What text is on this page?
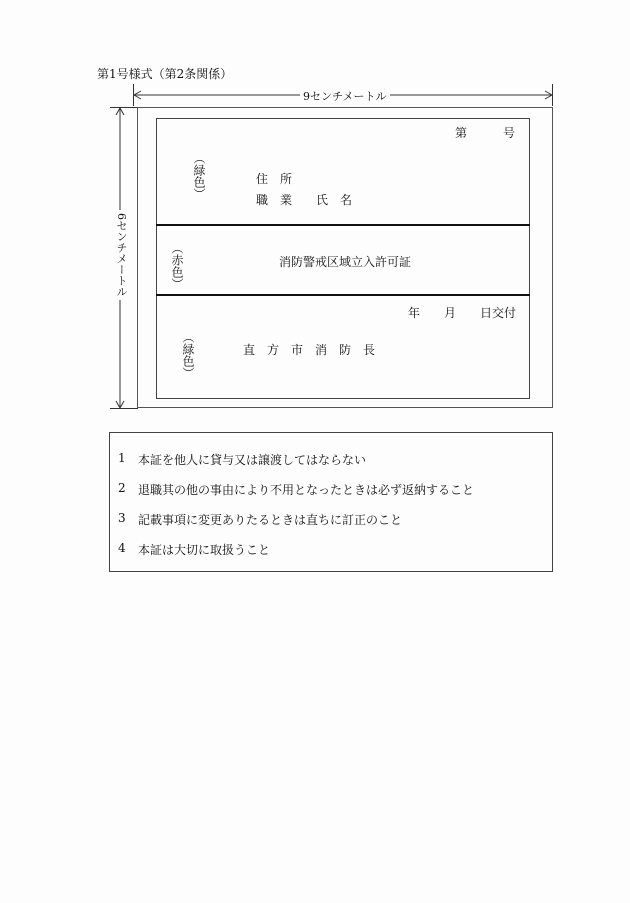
第1号様式（第2条関係）
9センチメートル
6センチメートル
第　　　号
（緑色）	住　所
職　業　　氏　名
（赤色）	消防警戒区域立入許可証
年　　月　　日交付
（緑色）	直　方　市　消　防　長
1 本証を他人に貸与又は譲渡してはならない
2 退職其の他の事由により不用となったときは必ず返納すること
3 記載事項に変更ありたるときは直ちに訂正のこと
4 本証は大切に取扱うこと
